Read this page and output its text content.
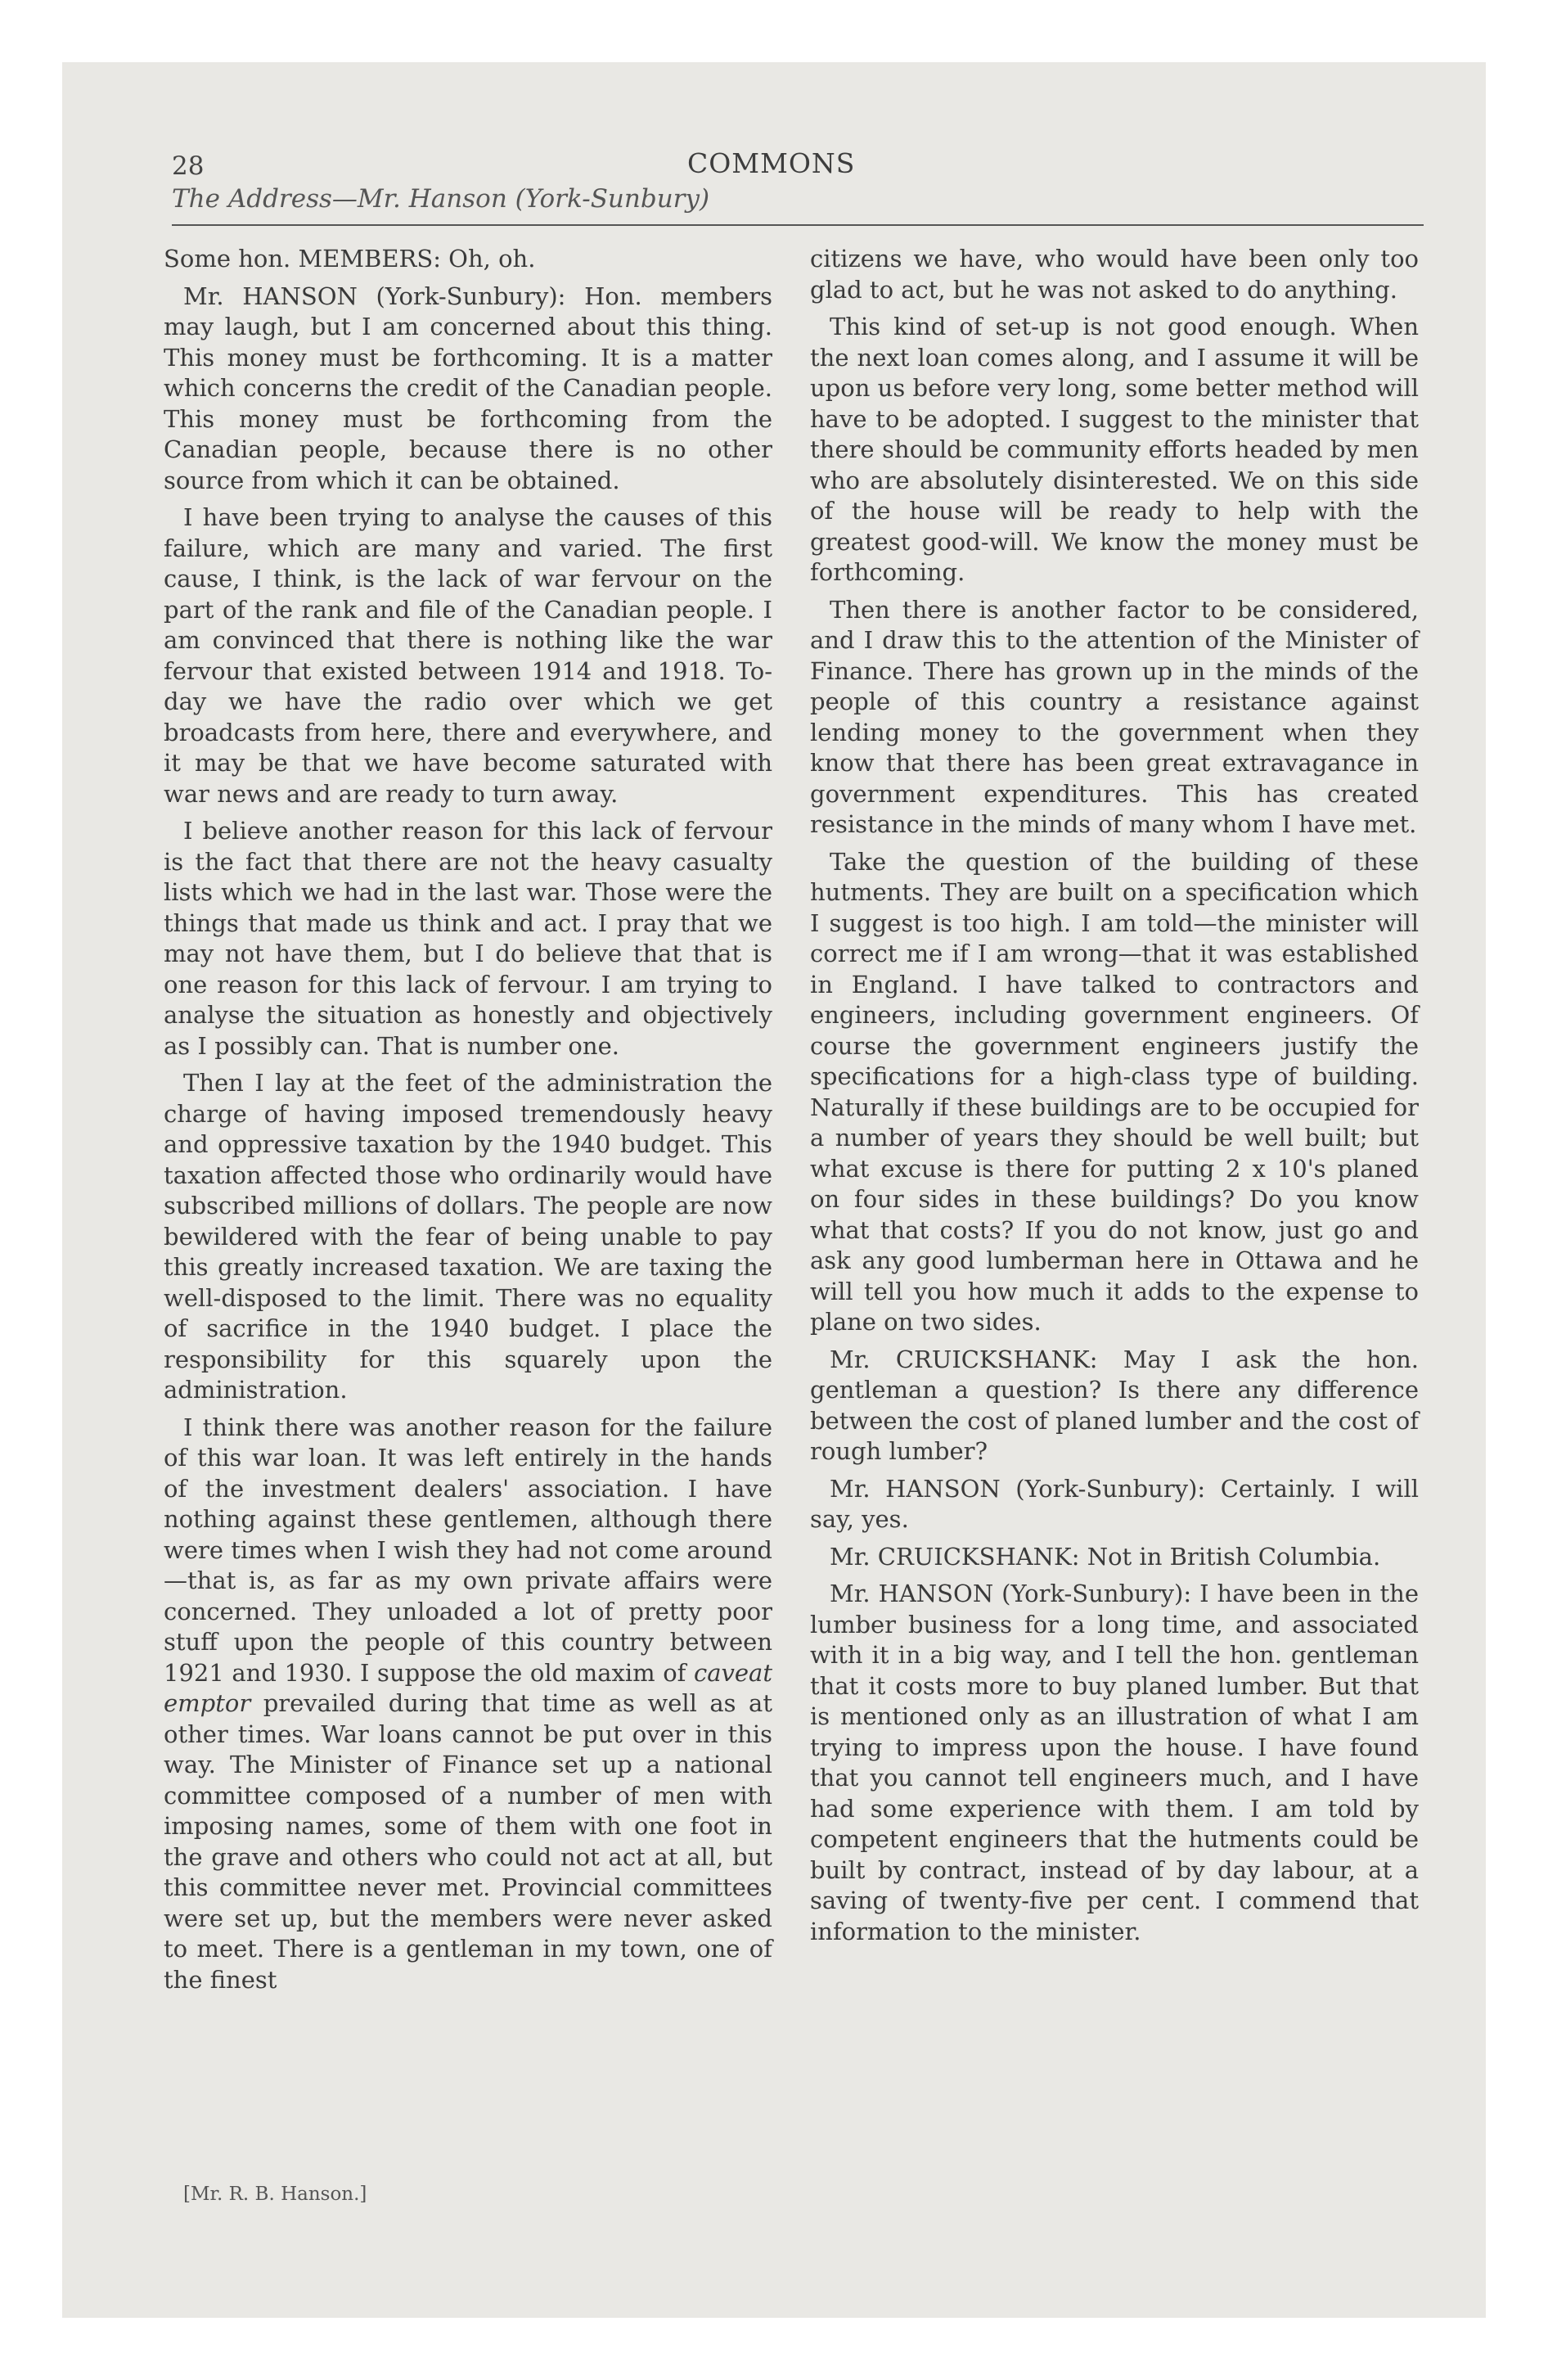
28	COMMONS
The Address—Mr. Hanson (York-Sunbury)

Some hon. MEMBERS: Oh, oh.

Mr. HANSON (York-Sunbury): Hon. members may laugh, but I am concerned about this thing. This money must be forthcoming. It is a matter which concerns the credit of the Canadian people. This money must be forthcoming from the Canadian people, because there is no other source from which it can be obtained.

I have been trying to analyse the causes of this failure, which are many and varied. The first cause, I think, is the lack of war fervour on the part of the rank and file of the Canadian people. I am convinced that there is nothing like the war fervour that existed between 1914 and 1918. To-day we have the radio over which we get broadcasts from here, there and everywhere, and it may be that we have become saturated with war news and are ready to turn away.

I believe another reason for this lack of fervour is the fact that there are not the heavy casualty lists which we had in the last war. Those were the things that made us think and act. I pray that we may not have them, but I do believe that that is one reason for this lack of fervour. I am trying to analyse the situation as honestly and objectively as I possibly can. That is number one.

Then I lay at the feet of the administration the charge of having imposed tremendously heavy and oppressive taxation by the 1940 budget. This taxation affected those who ordinarily would have subscribed millions of dollars. The people are now bewildered with the fear of being unable to pay this greatly increased taxation. We are taxing the well-disposed to the limit. There was no equality of sacrifice in the 1940 budget. I place the responsibility for this squarely upon the administration.

I think there was another reason for the failure of this war loan. It was left entirely in the hands of the investment dealers' association. I have nothing against these gentlemen, although there were times when I wish they had not come around—that is, as far as my own private affairs were concerned. They unloaded a lot of pretty poor stuff upon the people of this country between 1921 and 1930. I suppose the old maxim of caveat emptor prevailed during that time as well as at other times. War loans cannot be put over in this way. The Minister of Finance set up a national committee composed of a number of men with imposing names, some of them with one foot in the grave and others who could not act at all, but this committee never met. Provincial committees were set up, but the members were never asked to meet. There is a gentleman in my town, one of the finest

citizens we have, who would have been only too glad to act, but he was not asked to do anything.

This kind of set-up is not good enough. When the next loan comes along, and I assume it will be upon us before very long, some better method will have to be adopted. I suggest to the minister that there should be community efforts headed by men who are absolutely disinterested. We on this side of the house will be ready to help with the greatest good-will. We know the money must be forthcoming.

Then there is another factor to be considered, and I draw this to the attention of the Minister of Finance. There has grown up in the minds of the people of this country a resistance against lending money to the government when they know that there has been great extravagance in government expenditures. This has created resistance in the minds of many whom I have met.

Take the question of the building of these hutments. They are built on a specification which I suggest is too high. I am told—the minister will correct me if I am wrong—that it was established in England. I have talked to contractors and engineers, including government engineers. Of course the government engineers justify the specifications for a high-class type of building. Naturally if these buildings are to be occupied for a number of years they should be well built; but what excuse is there for putting 2 x 10's planed on four sides in these buildings? Do you know what that costs? If you do not know, just go and ask any good lumberman here in Ottawa and he will tell you how much it adds to the expense to plane on two sides.

Mr. CRUICKSHANK: May I ask the hon. gentleman a question? Is there any difference between the cost of planed lumber and the cost of rough lumber?

Mr. HANSON (York-Sunbury): Certainly. I will say, yes.

Mr. CRUICKSHANK: Not in British Columbia.

Mr. HANSON (York-Sunbury): I have been in the lumber business for a long time, and associated with it in a big way, and I tell the hon. gentleman that it costs more to buy planed lumber. But that is mentioned only as an illustration of what I am trying to impress upon the house. I have found that you cannot tell engineers much, and I have had some experience with them. I am told by competent engineers that the hutments could be built by contract, instead of by day labour, at a saving of twenty-five per cent. I commend that information to the minister.

[Mr. R. B. Hanson.]
